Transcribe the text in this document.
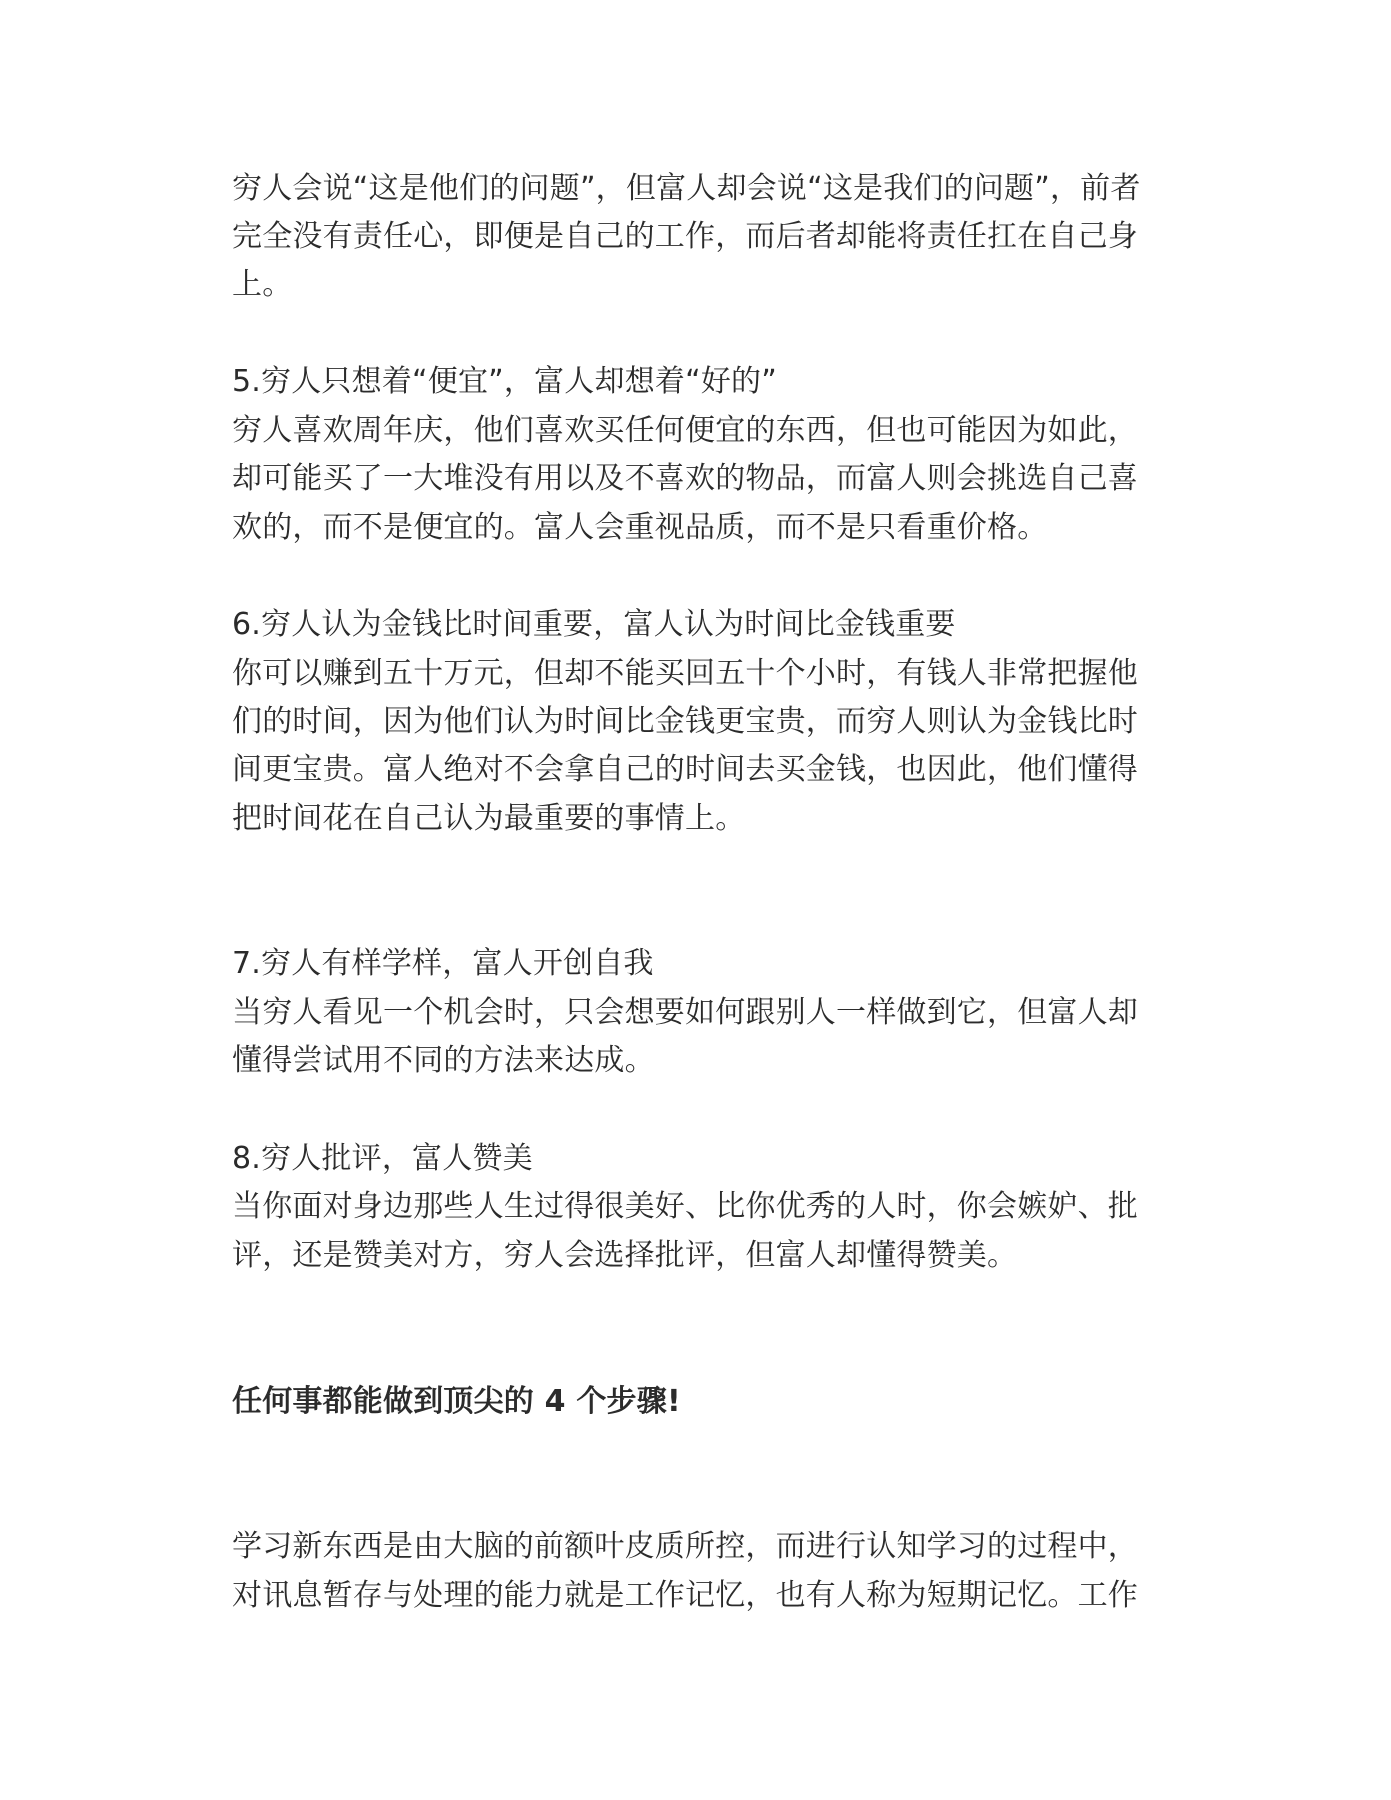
穷人会说“这是他们的问题”，但富人却会说“这是我们的问题”，前者
完全没有责任心，即便是自己的工作，而后者却能将责任扛在自己身
上。
5.穷人只想着“便宜”，富人却想着“好的”
穷人喜欢周年庆，他们喜欢买任何便宜的东西，但也可能因为如此，
却可能买了一大堆没有用以及不喜欢的物品，而富人则会挑选自己喜
欢的，而不是便宜的。富人会重视品质，而不是只看重价格。
6.穷人认为金钱比时间重要，富人认为时间比金钱重要
你可以赚到五十万元，但却不能买回五十个小时，有钱人非常把握他
们的时间，因为他们认为时间比金钱更宝贵，而穷人则认为金钱比时
间更宝贵。富人绝对不会拿自己的时间去买金钱，也因此，他们懂得
把时间花在自己认为最重要的事情上。
7.穷人有样学样，富人开创自我
当穷人看见一个机会时，只会想要如何跟别人一样做到它，但富人却
懂得尝试用不同的方法来达成。
8.穷人批评，富人赞美
当你面对身边那些人生过得很美好、比你优秀的人时，你会嫉妒、批
评，还是赞美对方，穷人会选择批评，但富人却懂得赞美。
任何事都能做到顶尖的 4 个步骤!
学习新东西是由大脑的前额叶皮质所控，而进行认知学习的过程中，
对讯息暂存与处理的能力就是工作记忆，也有人称为短期记忆。工作
